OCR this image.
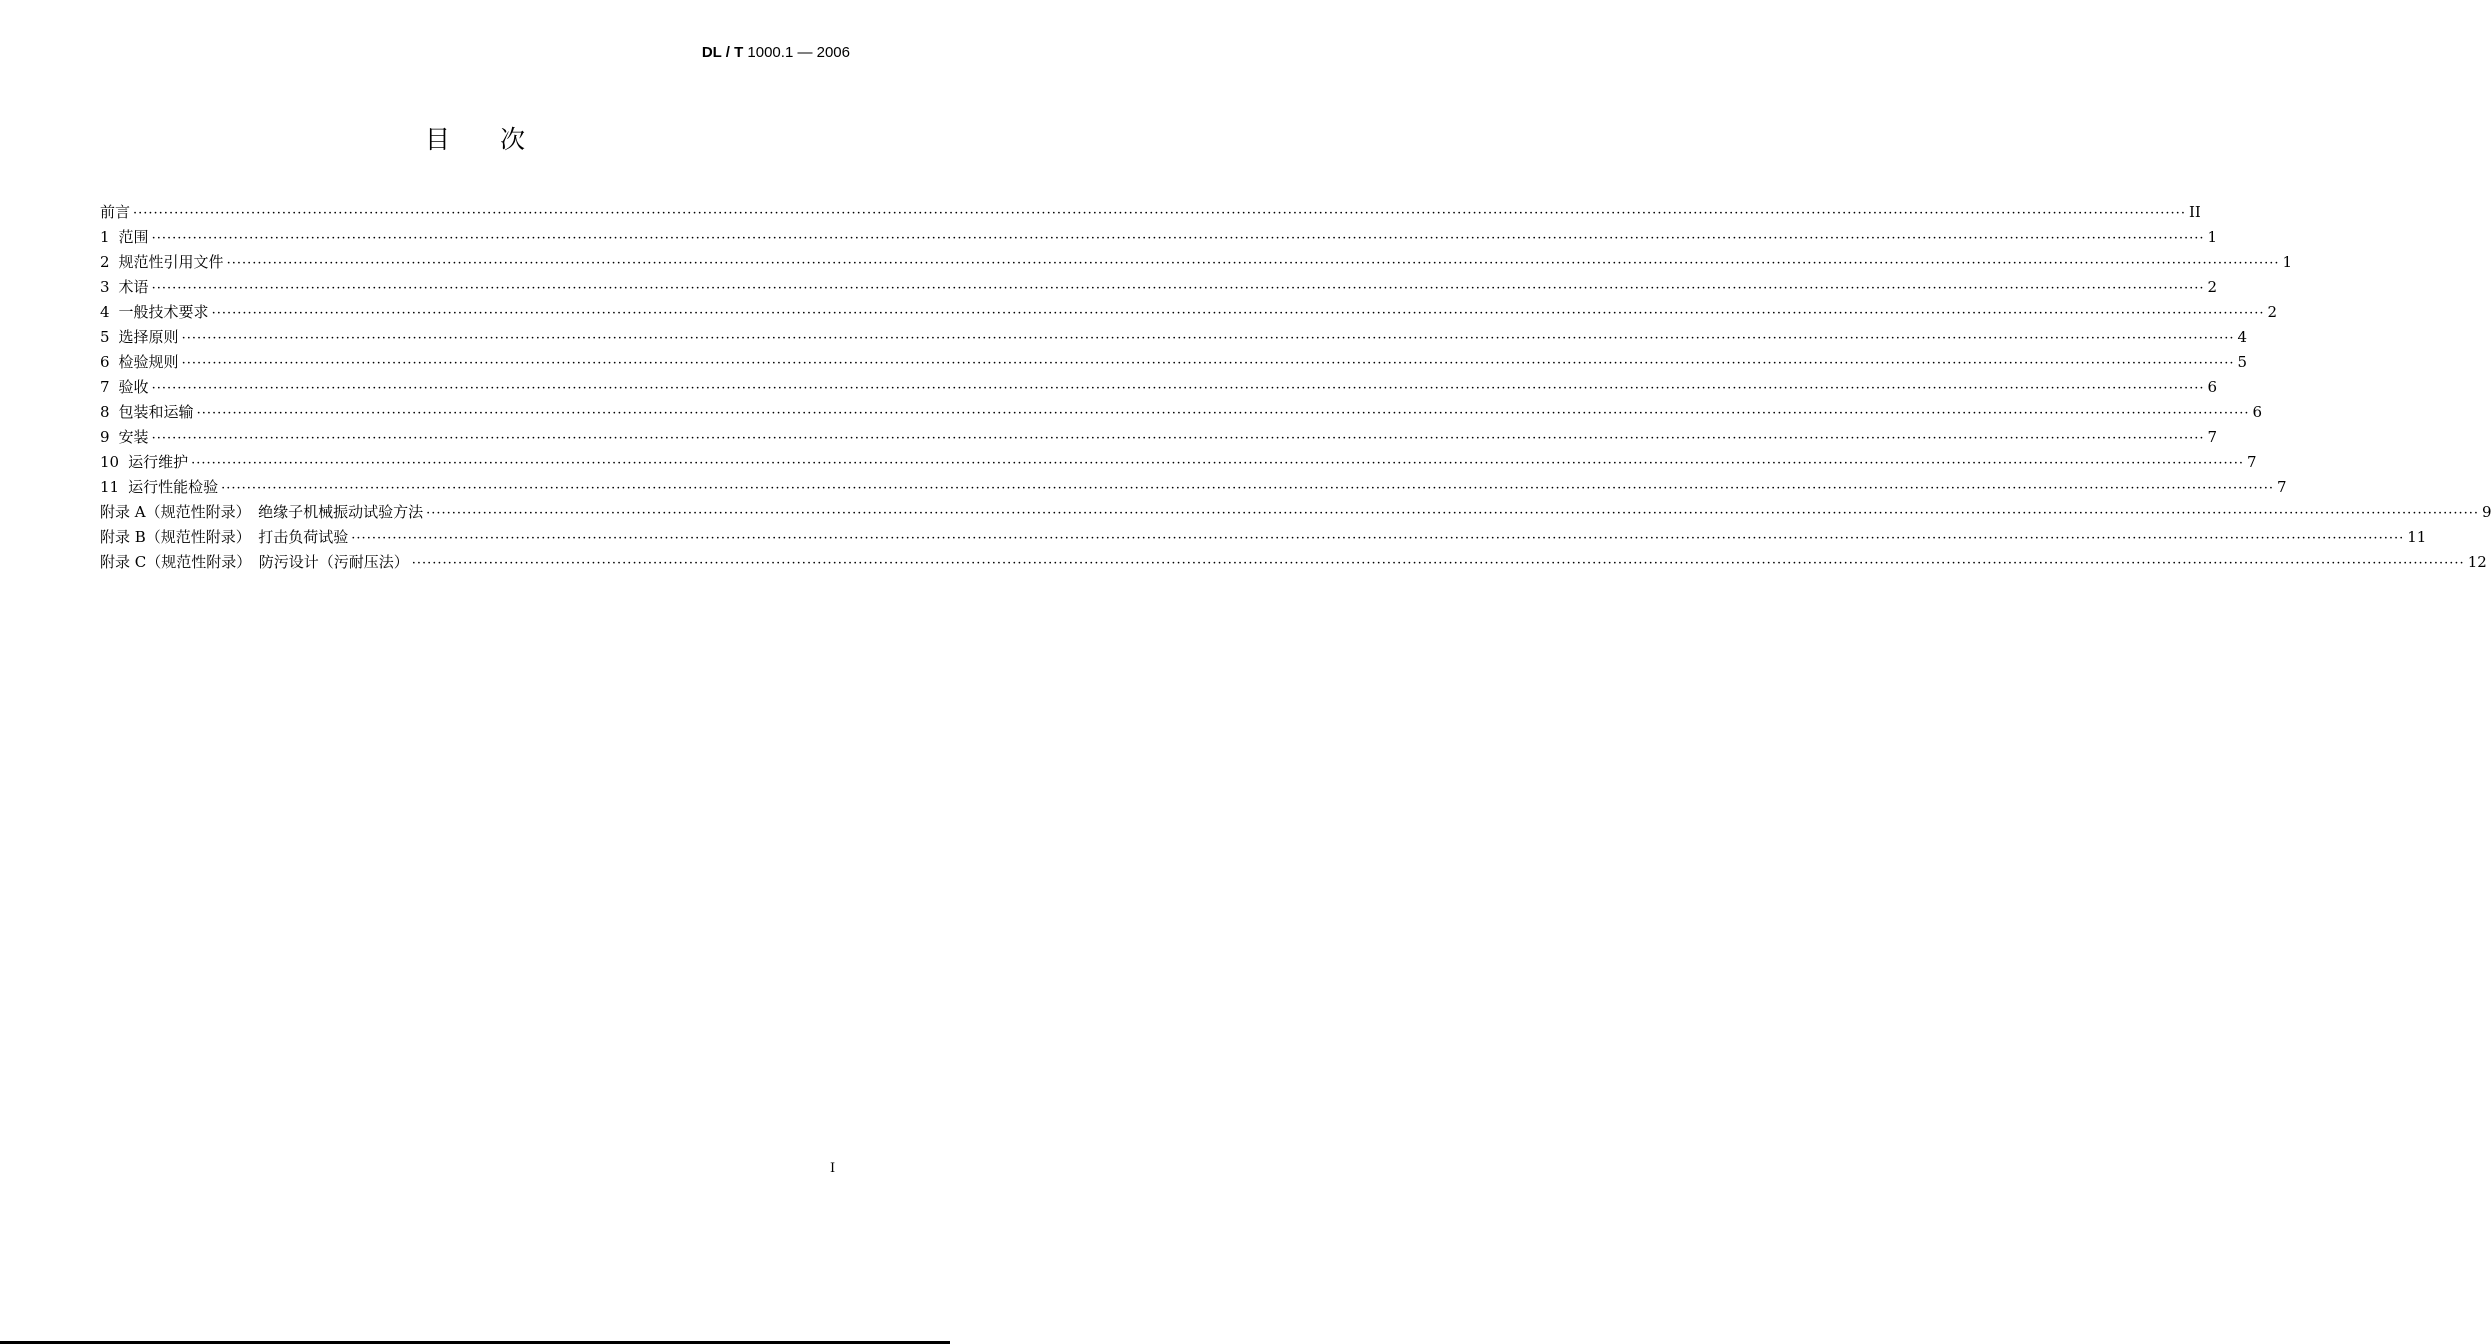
DL / T 1000.1 — 2006
目　　次
前言 ················································································································································································································································································································································································································ II
1 范围 ················································································································································································································································································································································································································ 1
2 规范性引用文件 ················································································································································································································································································································································································································ 1
3 术语 ················································································································································································································································································································································································································ 2
4 一般技术要求 ················································································································································································································································································································································································································ 2
5 选择原则 ················································································································································································································································································································································································································ 4
6 检验规则 ················································································································································································································································································································································································································ 5
7 验收 ················································································································································································································································································································································································································ 6
8 包装和运输 ················································································································································································································································································································································································································ 6
9 安装 ················································································································································································································································································································································································································ 7
10 运行维护 ················································································································································································································································································································································································································ 7
11 运行性能检验 ················································································································································································································································································································································································································ 7
附录 A（规范性附录）　绝缘子机械振动试验方法 ················································································································································································································································································································································································································ 9
附录 B（规范性附录）　打击负荷试验 ················································································································································································································································································································································································································ 11
附录 C（规范性附录）　防污设计（污耐压法） ················································································································································································································································································································································································································ 12
I
